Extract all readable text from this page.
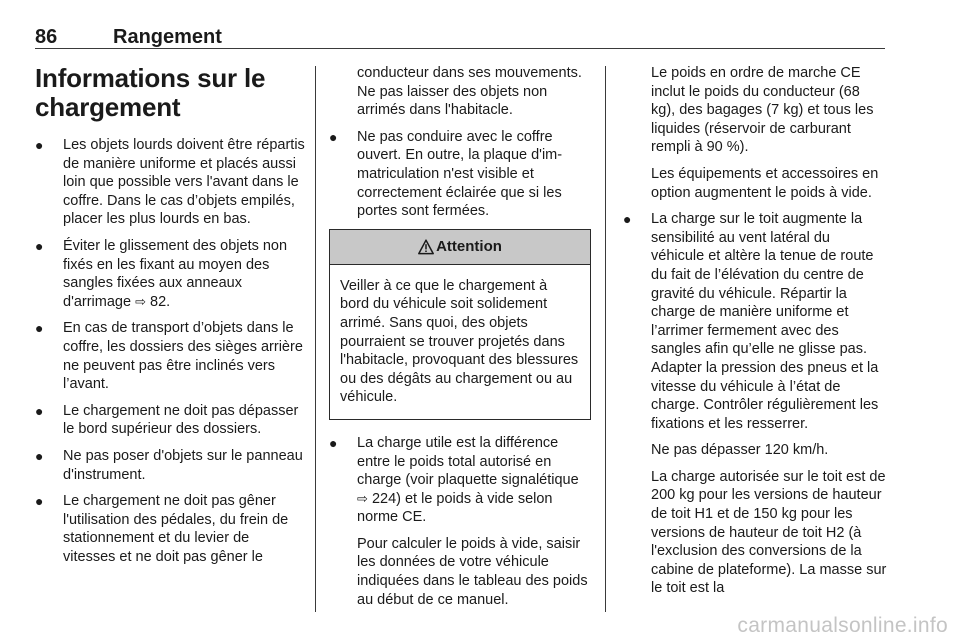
86	Rangement
Informations sur le chargement
● Les objets lourds doivent être répartis de manière uniforme et placés aussi loin que possible vers l'avant dans le coffre. Dans le cas d’objets empilés, placer les plus lourds en bas.
● Éviter le glissement des objets non fixés en les fixant au moyen des sangles fixées aux anneaux d'arrimage ⇨ 82.
● En cas de transport d’objets dans le coffre, les dossiers des sièges arrière ne peuvent pas être inclinés vers l’avant.
● Le chargement ne doit pas dépasser le bord supérieur des dossiers.
● Ne pas poser d'objets sur le panneau d'instrument.
● Le chargement ne doit pas gêner l'utilisation des pédales, du frein de stationnement et du levier de vitesses et ne doit pas gêner le

conducteur dans ses mouvements. Ne pas laisser des objets non arrimés dans l'habitacle.

● Ne pas conduire avec le coffre ouvert. En outre, la plaque d'immatriculation n'est visible et correctement éclairée que si les portes sont fermées.
Attention
Veiller à ce que le chargement à bord du véhicule soit solidement arrimé. Sans quoi, des objets pourraient se trouver projetés dans l'habitacle, provoquant des blessures ou des dégâts au chargement ou au véhicule.
● La charge utile est la différence entre le poids total autorisé en charge (voir plaquette signalétique ⇨ 224) et le poids à vide selon norme CE.

Pour calculer le poids à vide, saisir les données de votre véhicule indiquées dans le tableau des poids au début de ce manuel.

Le poids en ordre de marche CE inclut le poids du conducteur (68 kg), des bagages (7 kg) et tous les liquides (réservoir de carburant rempli à 90 %).

Les équipements et accessoires en option augmentent le poids à vide.

● La charge sur le toit augmente la sensibilité au vent latéral du véhicule et altère la tenue de route du fait de l’élévation du centre de gravité du véhicule. Répartir la charge de manière uniforme et l’arrimer fermement avec des sangles afin qu’elle ne glisse pas. Adapter la pression des pneus et la vitesse du véhicule à l’état de charge. Contrôler régulièrement les fixations et les resserrer.

Ne pas dépasser 120 km/h.

La charge autorisée sur le toit est de 200 kg pour les versions de hauteur de toit H1 et de 150 kg pour les versions de hauteur de toit H2 (à l'exclusion des conversions de la cabine de plateforme). La masse sur le toit est la

carmanualsonline.info
